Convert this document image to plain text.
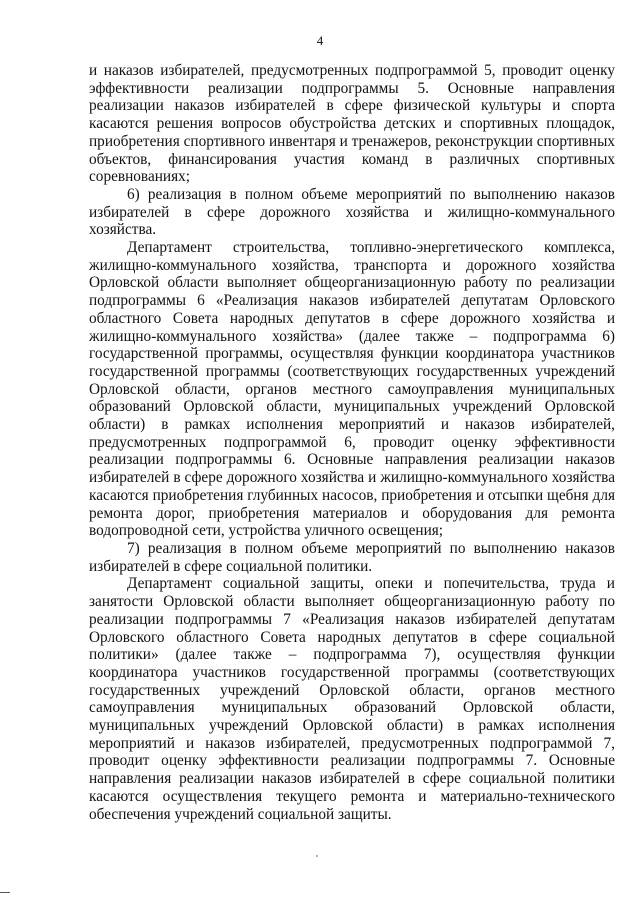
4

и наказов избирателей, предусмотренных подпрограммой 5, проводит оценку эффективности реализации подпрограммы 5. Основные направления реализации наказов избирателей в сфере физической культуры и спорта касаются решения вопросов обустройства детских и спортивных площадок, приобретения спортивного инвентаря и тренажеров, реконструкции спортивных объектов, финансирования участия команд в различных спортивных соревнованиях;

6) реализация в полном объеме мероприятий по выполнению наказов избирателей в сфере дорожного хозяйства и жилищно-коммунального хозяйства.

Департамент строительства, топливно-энергетического комплекса, жилищно-коммунального хозяйства, транспорта и дорожного хозяйства Орловской области выполняет общеорганизационную работу по реализации подпрограммы 6 «Реализация наказов избирателей депутатам Орловского областного Совета народных депутатов в сфере дорожного хозяйства и жилищно-коммунального хозяйства» (далее также – подпрограмма 6) государственной программы, осуществляя функции координатора участников государственной программы (соответствующих государственных учреждений Орловской области, органов местного самоуправления муниципальных образований Орловской области, муниципальных учреждений Орловской области) в рамках исполнения мероприятий и наказов избирателей, предусмотренных подпрограммой 6, проводит оценку эффективности реализации подпрограммы 6. Основные направления реализации наказов избирателей в сфере дорожного хозяйства и жилищно-коммунального хозяйства касаются приобретения глубинных насосов, приобретения и отсыпки щебня для ремонта дорог, приобретения материалов и оборудования для ремонта водопроводной сети, устройства уличного освещения;

7) реализация в полном объеме мероприятий по выполнению наказов избирателей в сфере социальной политики.

Департамент социальной защиты, опеки и попечительства, труда и занятости Орловской области выполняет общеорганизационную работу по реализации подпрограммы 7 «Реализация наказов избирателей депутатам Орловского областного Совета народных депутатов в сфере социальной политики» (далее также – подпрограмма 7), осуществляя функции координатора участников государственной программы (соответствующих государственных учреждений Орловской области, органов местного самоуправления муниципальных образований Орловской области, муниципальных учреждений Орловской области) в рамках исполнения мероприятий и наказов избирателей, предусмотренных подпрограммой 7, проводит оценку эффективности реализации подпрограммы 7. Основные направления реализации наказов избирателей в сфере социальной политики касаются осуществления текущего ремонта и материально-технического обеспечения учреждений социальной защиты.
